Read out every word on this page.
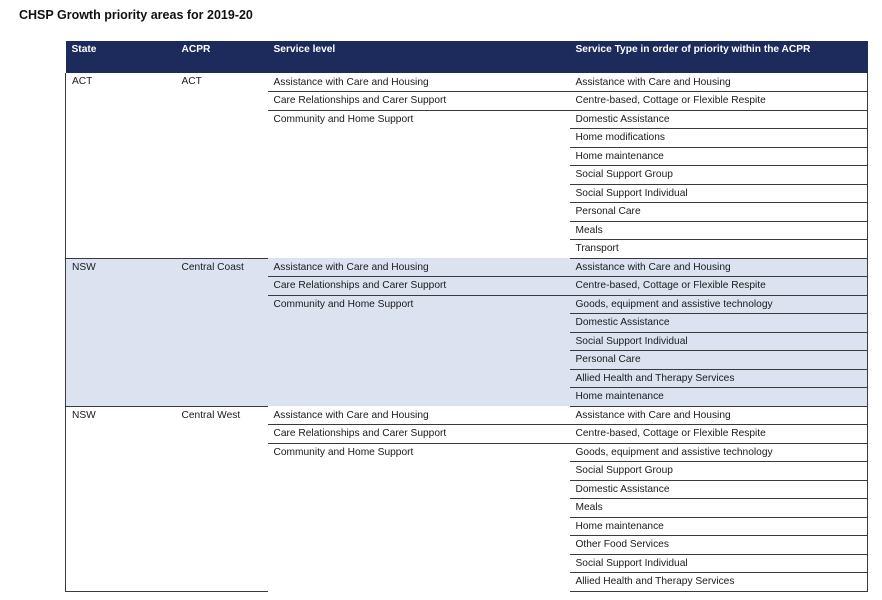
CHSP Growth priority areas for 2019-20
State	ACPR	Service level	Service Type in order of priority within the ACPR
ACT	ACT	Assistance with Care and Housing	Assistance with Care and Housing
		Care Relationships and Carer Support	Centre-based, Cottage or Flexible Respite
		Community and Home Support	Domestic Assistance
			Home modifications
			Home maintenance
			Social Support Group
			Social Support Individual
			Personal Care
			Meals
			Transport
NSW	Central Coast	Assistance with Care and Housing	Assistance with Care and Housing
		Care Relationships and Carer Support	Centre-based, Cottage or Flexible Respite
		Community and Home Support	Goods, equipment and assistive technology
			Domestic Assistance
			Social Support Individual
			Personal Care
			Allied Health and Therapy Services
			Home maintenance
NSW	Central West	Assistance with Care and Housing	Assistance with Care and Housing
		Care Relationships and Carer Support	Centre-based, Cottage or Flexible Respite
		Community and Home Support	Goods, equipment and assistive technology
			Social Support Group
			Domestic Assistance
			Meals
			Home maintenance
			Other Food Services
			Social Support Individual
			Allied Health and Therapy Services
